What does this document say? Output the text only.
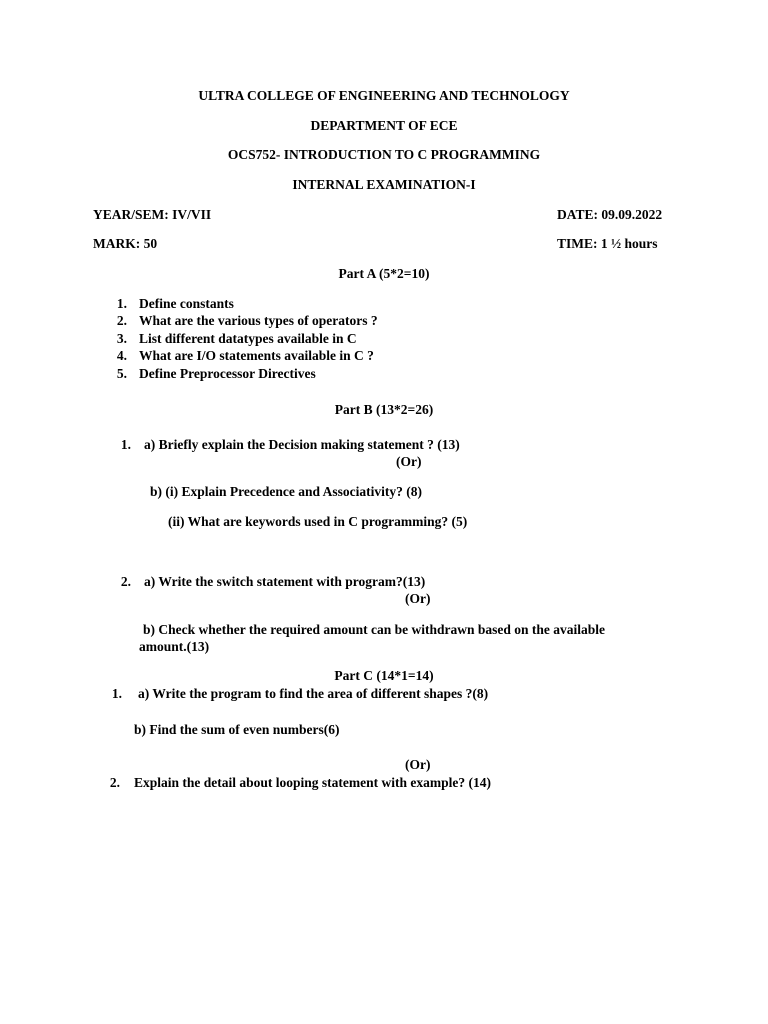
ULTRA COLLEGE OF ENGINEERING AND TECHNOLOGY
DEPARTMENT OF ECE
OCS752- INTRODUCTION TO C PROGRAMMING
INTERNAL EXAMINATION-I
YEAR/SEM: IV/VII	DATE: 09.09.2022
MARK: 50	TIME: 1 ½ hours
Part A (5*2=10)
1. Define constants
2. What are the various types of operators ?
3. List different datatypes available in C
4. What are I/O statements available in C ?
5. Define Preprocessor Directives
Part B (13*2=26)
1. a) Briefly explain the Decision making statement ? (13)
(Or)
b) (i) Explain Precedence and Associativity? (8)
(ii) What are keywords used in C programming? (5)
2. a) Write the switch statement with program?(13)
(Or)
b) Check whether the required amount can be withdrawn based on the available
amount.(13)
Part C (14*1=14)
1. a) Write the program to find the area of different shapes ?(8)
b) Find the sum of even numbers(6)
(Or)
2. Explain the detail about looping statement with example? (14)
